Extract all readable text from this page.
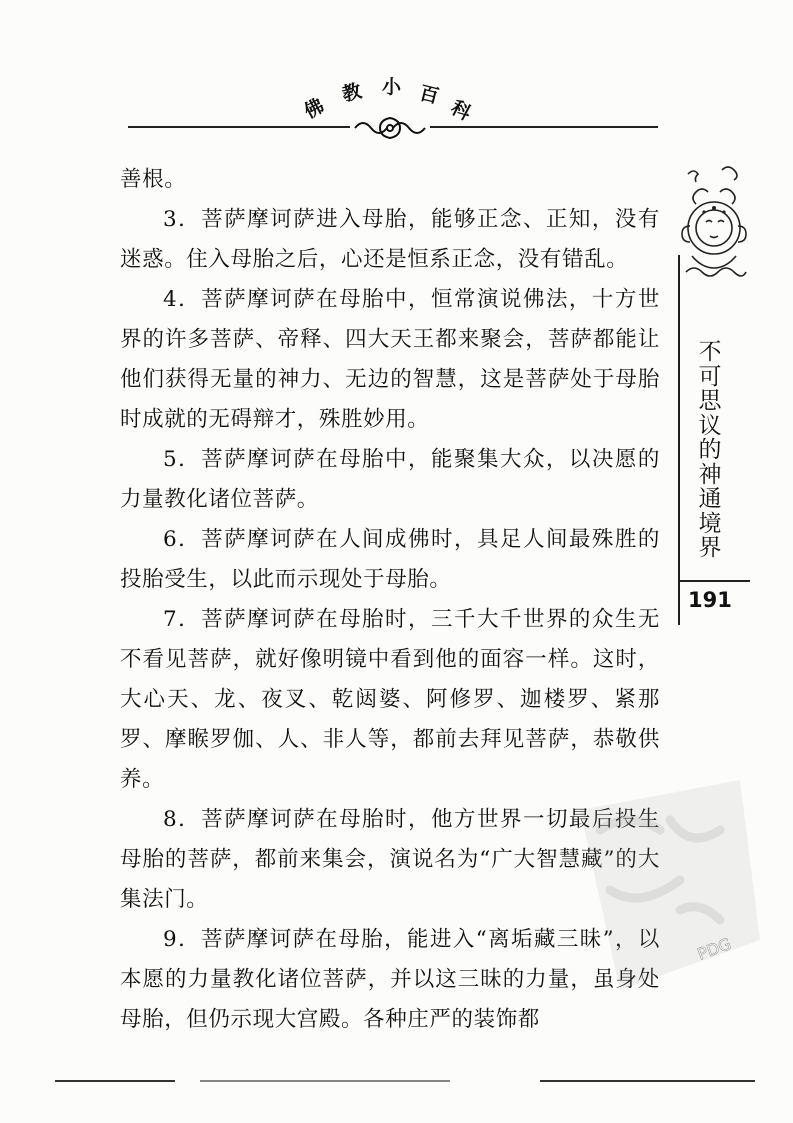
佛
教 小 百
科

善根。

3．菩萨摩诃萨进入母胎，能够正念、正知，没有迷惑。住入母胎之后，心还是恒系正念，没有错乱。

4．菩萨摩诃萨在母胎中，恒常演说佛法，十方世界的许多菩萨、帝释、四大天王都来聚会，菩萨都能让他们获得无量的神力、无边的智慧，这是菩萨处于母胎时成就的无碍辩才，殊胜妙用。

5．菩萨摩诃萨在母胎中，能聚集大众，以决愿的力量教化诸位菩萨。

6．菩萨摩诃萨在人间成佛时，具足人间最殊胜的投胎受生，以此而示现处于母胎。

7．菩萨摩诃萨在母胎时，三千大千世界的众生无不看见菩萨，就好像明镜中看到他的面容一样。这时，大心天、龙、夜叉、乾闼婆、阿修罗、迦楼罗、紧那罗、摩睺罗伽、人、非人等，都前去拜见菩萨，恭敬供养。

8．菩萨摩诃萨在母胎时，他方世界一切最后投生母胎的菩萨，都前来集会，演说名为“广大智慧藏”的大集法门。

9．菩萨摩诃萨在母胎，能进入“离垢藏三昧”，以本愿的力量教化诸位菩萨，并以这三昧的力量，虽身处母胎，但仍示现大宫殿。各种庄严的装饰都

不
可
思
议
的
神
通
境
界
191
PDG
